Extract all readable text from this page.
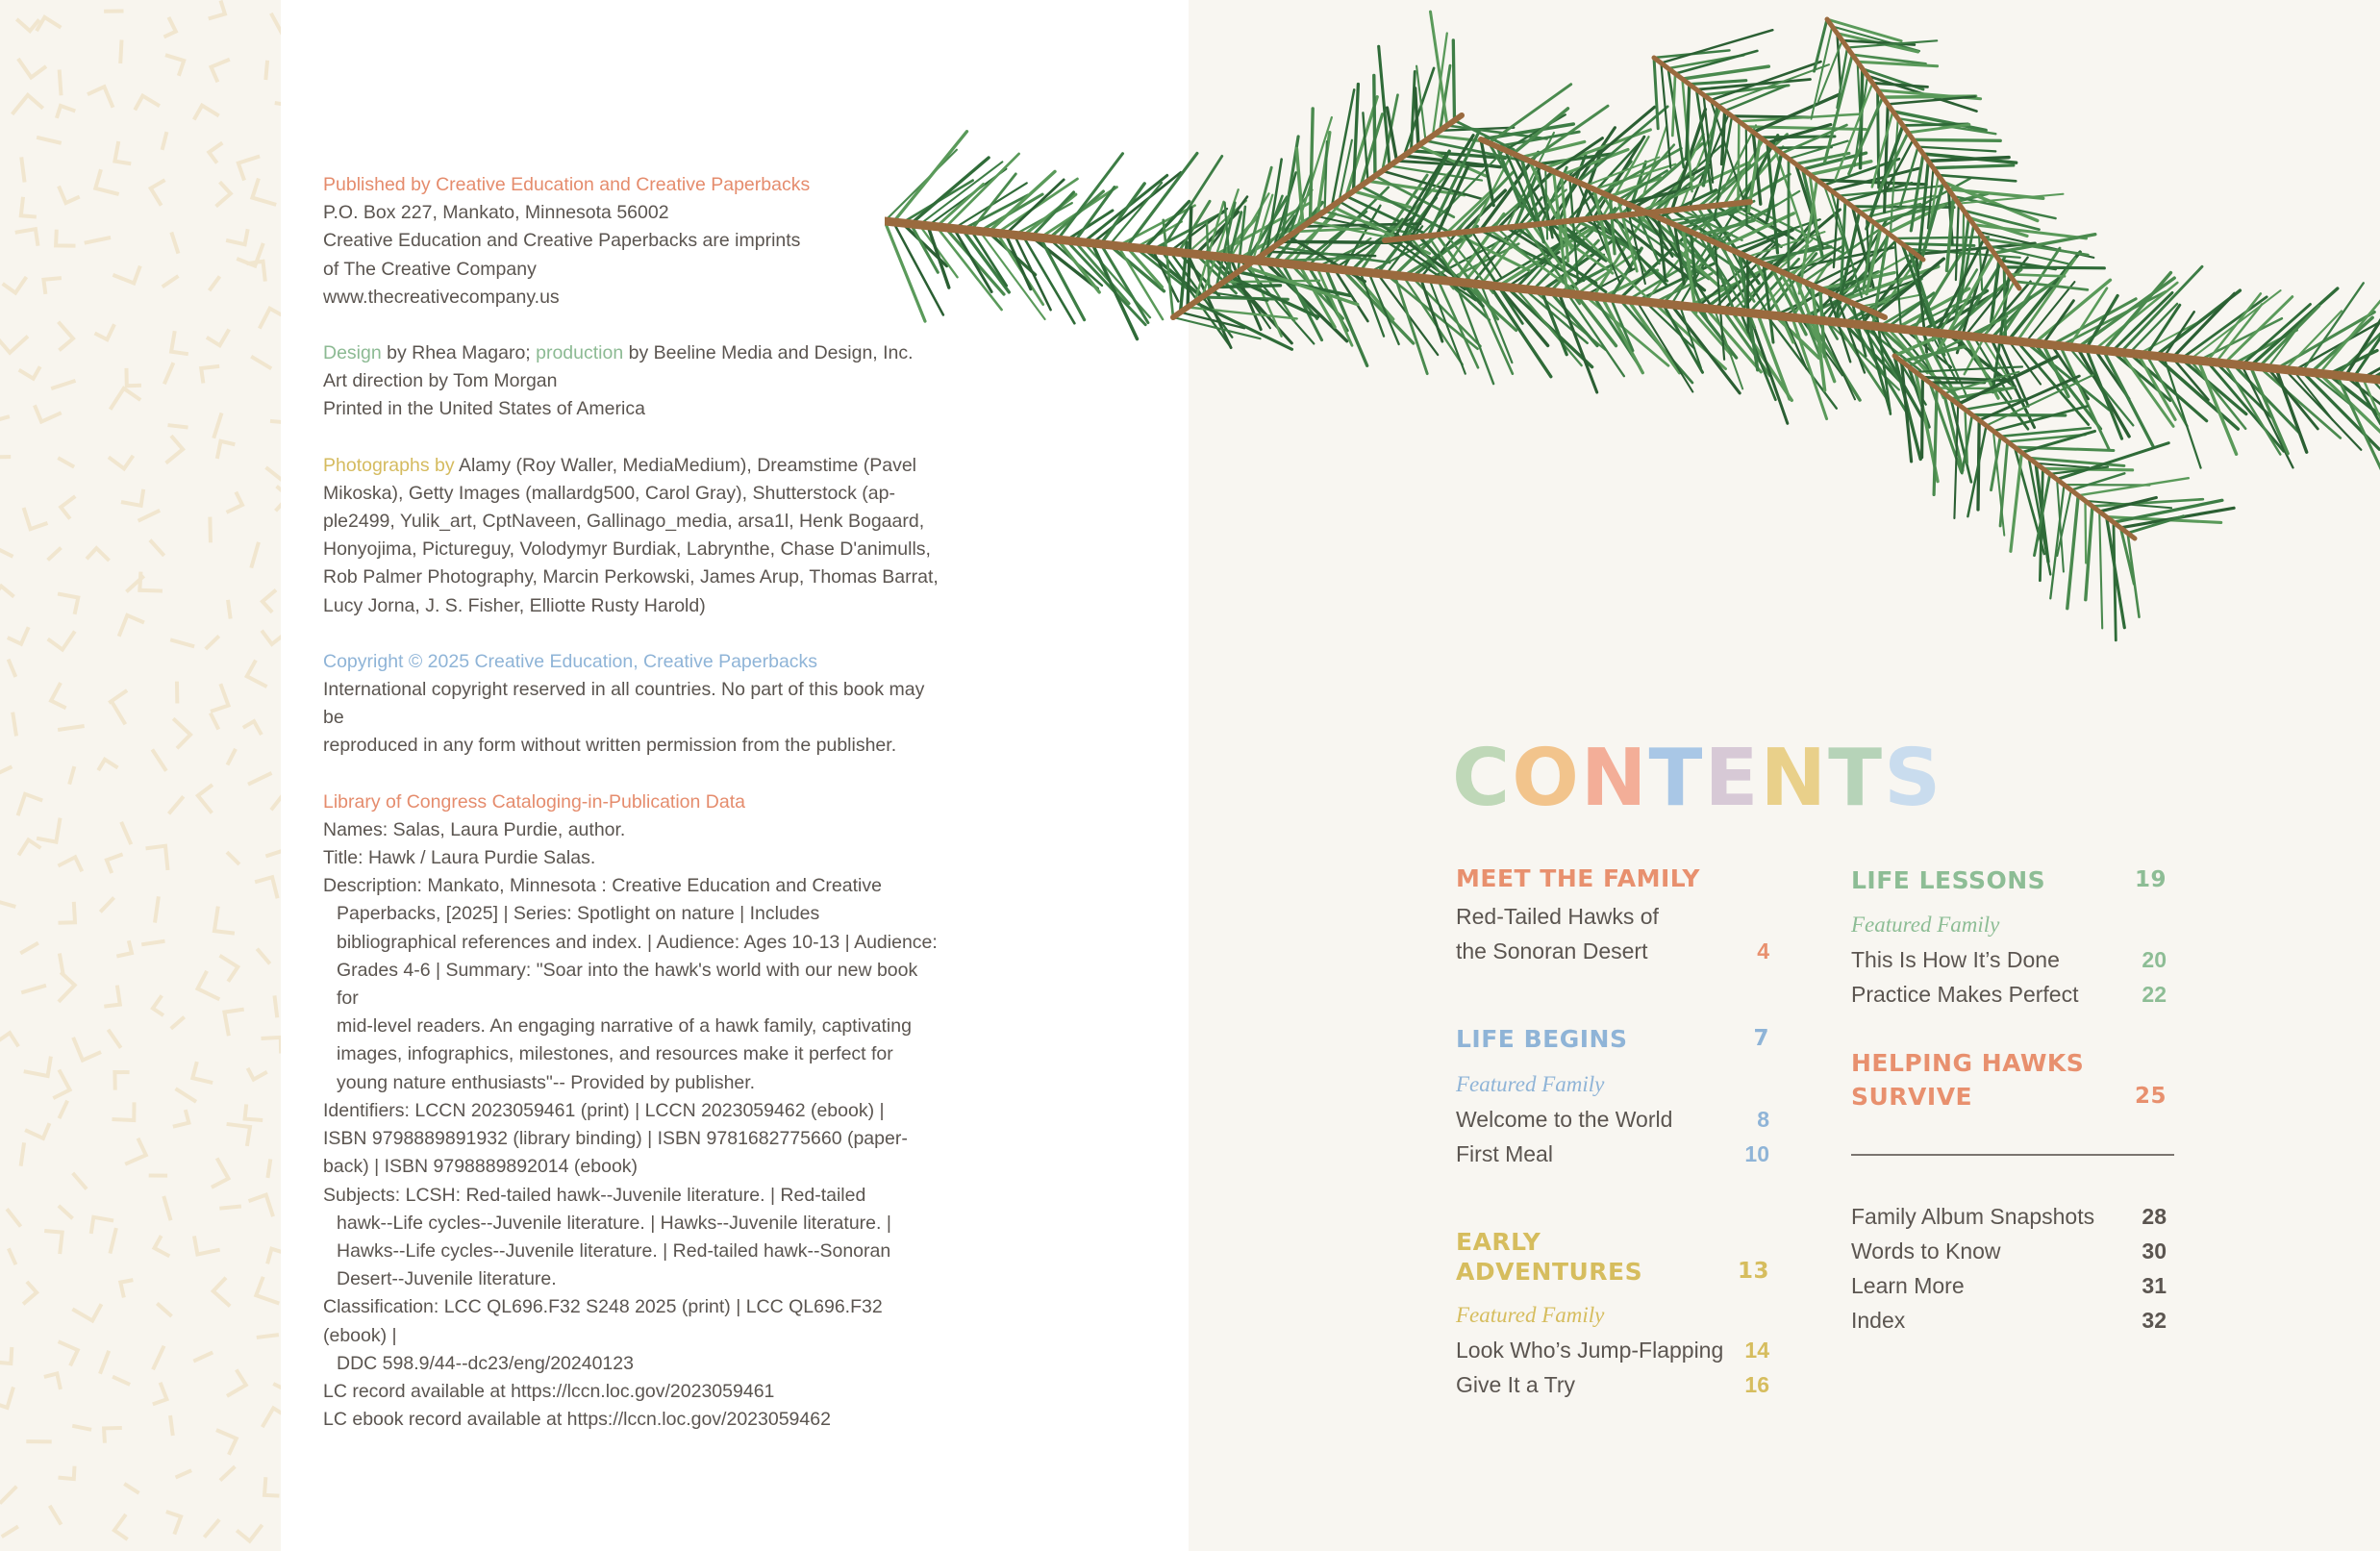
Published by Creative Education and Creative Paperbacks
P.O. Box 227, Mankato, Minnesota 56002
Creative Education and Creative Paperbacks are imprints
of The Creative Company
www.thecreativecompany.us

Design by Rhea Magaro; production by Beeline Media and Design, Inc.
Art direction by Tom Morgan
Printed in the United States of America

Photographs by Alamy (Roy Waller, MediaMedium), Dreamstime (Pavel
Mikoska), Getty Images (mallardg500, Carol Gray), Shutterstock (ap-
ple2499, Yulik_art, CptNaveen, Gallinago_media, arsa1l, Henk Bogaard,
Honyojima, Pictureguy, Volodymyr Burdiak, Labrynthe, Chase D'animulls,
Rob Palmer Photography, Marcin Perkowski, James Arup, Thomas Barrat,
Lucy Jorna, J. S. Fisher, Elliotte Rusty Harold)

Copyright © 2025 Creative Education, Creative Paperbacks
International copyright reserved in all countries. No part of this book may be
reproduced in any form without written permission from the publisher.

Library of Congress Cataloging-in-Publication Data
Names: Salas, Laura Purdie, author.
Title: Hawk / Laura Purdie Salas.
Description: Mankato, Minnesota : Creative Education and Creative
Paperbacks, [2025] | Series: Spotlight on nature | Includes
bibliographical references and index. | Audience: Ages 10-13 | Audience:
Grades 4-6 | Summary: "Soar into the hawk's world with our new book for
mid-level readers. An engaging narrative of a hawk family, captivating
images, infographics, milestones, and resources make it perfect for
young nature enthusiasts"-- Provided by publisher.
Identifiers: LCCN 2023059461 (print) | LCCN 2023059462 (ebook) |
ISBN 9798889891932 (library binding) | ISBN 9781682775660 (paper-
back) | ISBN 9798889892014 (ebook)
Subjects: LCSH: Red-tailed hawk--Juvenile literature. | Red-tailed
hawk--Life cycles--Juvenile literature. | Hawks--Juvenile literature. |
Hawks--Life cycles--Juvenile literature. | Red-tailed hawk--Sonoran
Desert--Juvenile literature.
Classification: LCC QL696.F32 S248 2025 (print) | LCC QL696.F32
(ebook) |
DDC 598.9/44--dc23/eng/20240123
LC record available at https://lccn.loc.gov/2023059461
LC ebook record available at https://lccn.loc.gov/2023059462

C O N T E N T S
MEET THE FAMILY
Red-Tailed Hawks of
the Sonoran Desert	4
LIFE BEGINS	7
Featured Family
Welcome to the World	8
First Meal	10
EARLY
ADVENTURES	13
Featured Family
Look Who’s Jump-Flapping 14
Give It a Try	16
LIFE LESSONS	19
Featured Family
This Is How It’s Done	20
Practice Makes Perfect	22
HELPING HAWKS
SURVIVE	25
Family Album Snapshots 28
Words to Know	30
Learn More	31
Index	32
